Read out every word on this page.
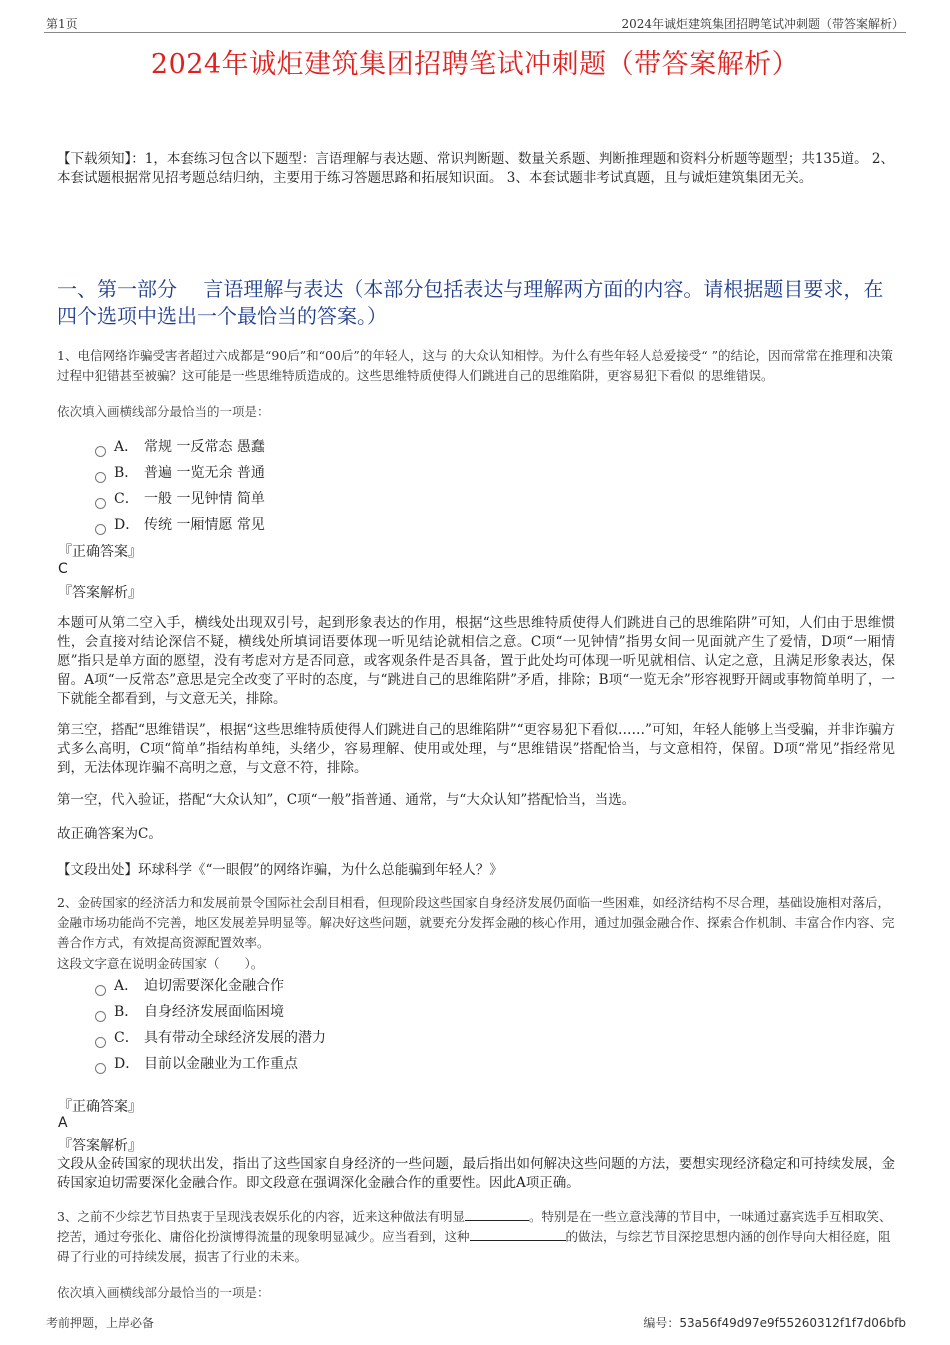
第1页	2024年诚炬建筑集团招聘笔试冲刺题（带答案解析）
2024年诚炬建筑集团招聘笔试冲刺题（带答案解析）
【下载须知】：1，本套练习包含以下题型：言语理解与表达题、常识判断题、数量关系题、判断推理题和资料分析题等题型；共135道。 2、本套试题根据常见招考题总结归纳，主要用于练习答题思路和拓展知识面。 3、本套试题非考试真题，且与诚炬建筑集团无关。
一、第一部分　 言语理解与表达（本部分包括表达与理解两方面的内容。请根据题目要求，在四个选项中选出一个最恰当的答案。）
1、电信网络诈骗受害者超过六成都是“90后”和“00后”的年轻人，这与 的大众认知相悖。为什么有些年轻人总爱接受“ ”的结论，因而常常在推理和决策过程中犯错甚至被骗？这可能是一些思维特质造成的。这些思维特质使得人们跳进自己的思维陷阱，更容易犯下看似 的思维错误。
依次填入画横线部分最恰当的一项是：
A． 常规 一反常态 愚蠢
B． 普遍 一览无余 普通
C． 一般 一见钟情 简单
D． 传统 一厢情愿 常见
『正确答案』
C
『答案解析』
本题可从第二空入手，横线处出现双引号，起到形象表达的作用，根据“这些思维特质使得人们跳进自己的思维陷阱”可知，人们由于思维惯性，会直接对结论深信不疑，横线处所填词语要体现一听见结论就相信之意。C项“一见钟情”指男女间一见面就产生了爱情，D项“一厢情愿”指只是单方面的愿望，没有考虑对方是否同意，或客观条件是否具备，置于此处均可体现一听见就相信、认定之意，且满足形象表达，保留。A项“一反常态”意思是完全改变了平时的态度，与“跳进自己的思维陷阱”矛盾，排除；B项“一览无余”形容视野开阔或事物简单明了，一下就能全都看到，与文意无关，排除。
第三空，搭配“思维错误”，根据“这些思维特质使得人们跳进自己的思维陷阱”“更容易犯下看似……”可知，年轻人能够上当受骗，并非诈骗方式多么高明，C项“简单”指结构单纯，头绪少，容易理解、使用或处理，与“思维错误”搭配恰当，与文意相符，保留。D项“常见”指经常见到，无法体现诈骗不高明之意，与文意不符，排除。
第一空，代入验证，搭配“大众认知”，C项“一般”指普通、通常，与“大众认知”搭配恰当，当选。
故正确答案为C。
【文段出处】环球科学《“一眼假”的网络诈骗，为什么总能骗到年轻人？》
2、金砖国家的经济活力和发展前景令国际社会刮目相看，但现阶段这些国家自身经济发展仍面临一些困难，如经济结构不尽合理，基础设施相对落后，金融市场功能尚不完善，地区发展差异明显等。解决好这些问题，就要充分发挥金融的核心作用，通过加强金融合作、探索合作机制、丰富合作内容、完善合作方式，有效提高资源配置效率。
这段文字意在说明金砖国家（　　）。
A． 迫切需要深化金融合作
B． 自身经济发展面临困境
C． 具有带动全球经济发展的潜力
D． 目前以金融业为工作重点
『正确答案』
A
『答案解析』
文段从金砖国家的现状出发，指出了这些国家自身经济的一些问题，最后指出如何解决这些问题的方法，要想实现经济稳定和可持续发展，金砖国家迫切需要深化金融合作。即文段意在强调深化金融合作的重要性。因此A项正确。
3、之前不少综艺节目热衷于呈现浅表娱乐化的内容，近来这种做法有明显	。特别是在一些立意浅薄的节目中，一味通过嘉宾选手互相取笑、挖苦，通过夸张化、庸俗化扮演博得流量的现象明显减少。应当看到，这种	的做法，与综艺节目深挖思想内涵的创作导向大相径庭，阻碍了行业的可持续发展，损害了行业的未来。
依次填入画横线部分最恰当的一项是：
考前押题，上岸必备	编号：53a56f49d97e9f55260312f1f7d06bfb
